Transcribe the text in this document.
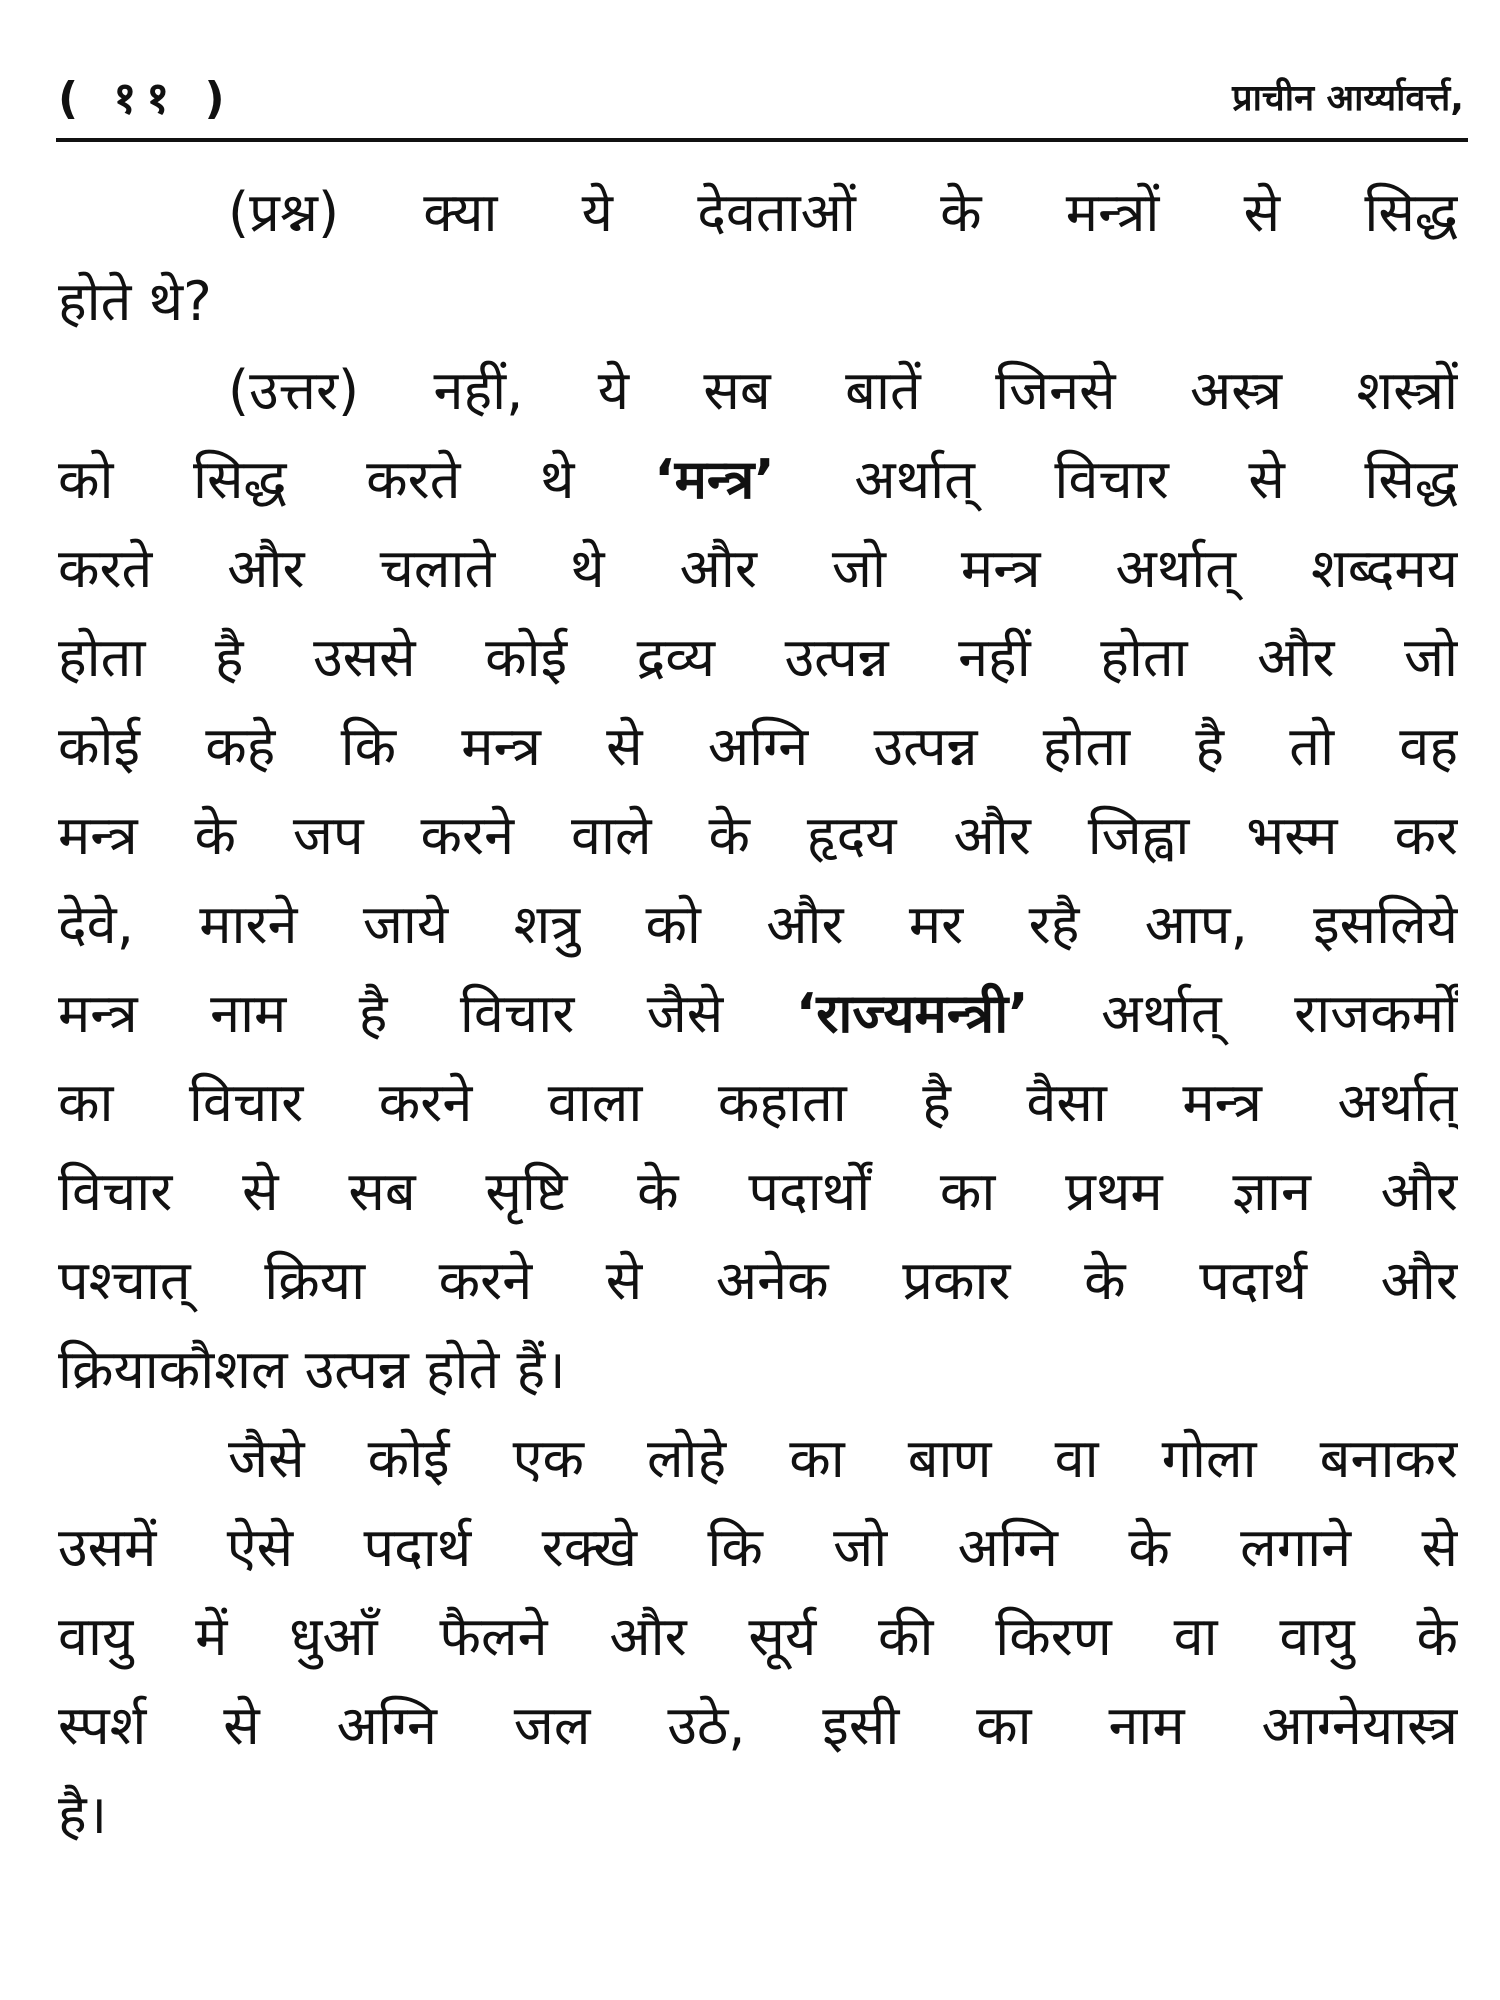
( ११ )	प्राचीन आर्य्यावर्त्त,
(प्रश्न) क्या ये देवताओं के मन्त्रों से सिद्ध
होते थे?
(उत्तर) नहीं, ये सब बातें जिनसे अस्त्र शस्त्रों
को सिद्ध करते थे ‘मन्त्र’ अर्थात् विचार से सिद्ध
करते और चलाते थे और जो मन्त्र अर्थात् शब्दमय
होता है उससे कोई द्रव्य उत्पन्न नहीं होता और जो
कोई कहे कि मन्त्र से अग्नि उत्पन्न होता है तो वह
मन्त्र के जप करने वाले के हृदय और जिह्वा भस्म कर
देवे, मारने जाये शत्रु को और मर रहै आप, इसलिये
मन्त्र नाम है विचार जैसे ‘राज्यमन्त्री’ अर्थात् राजकर्मों
का विचार करने वाला कहाता है वैसा मन्त्र अर्थात्
विचार से सब सृष्टि के पदार्थों का प्रथम ज्ञान और
पश्चात् क्रिया करने से अनेक प्रकार के पदार्थ और
क्रियाकौशल उत्पन्न होते हैं।
जैसे कोई एक लोहे का बाण वा गोला बनाकर
उसमें ऐसे पदार्थ रक्खे कि जो अग्नि के लगाने से
वायु में धुआँ फैलने और सूर्य की किरण वा वायु के
स्पर्श से अग्नि जल उठे, इसी का नाम आग्नेयास्त्र
है।
